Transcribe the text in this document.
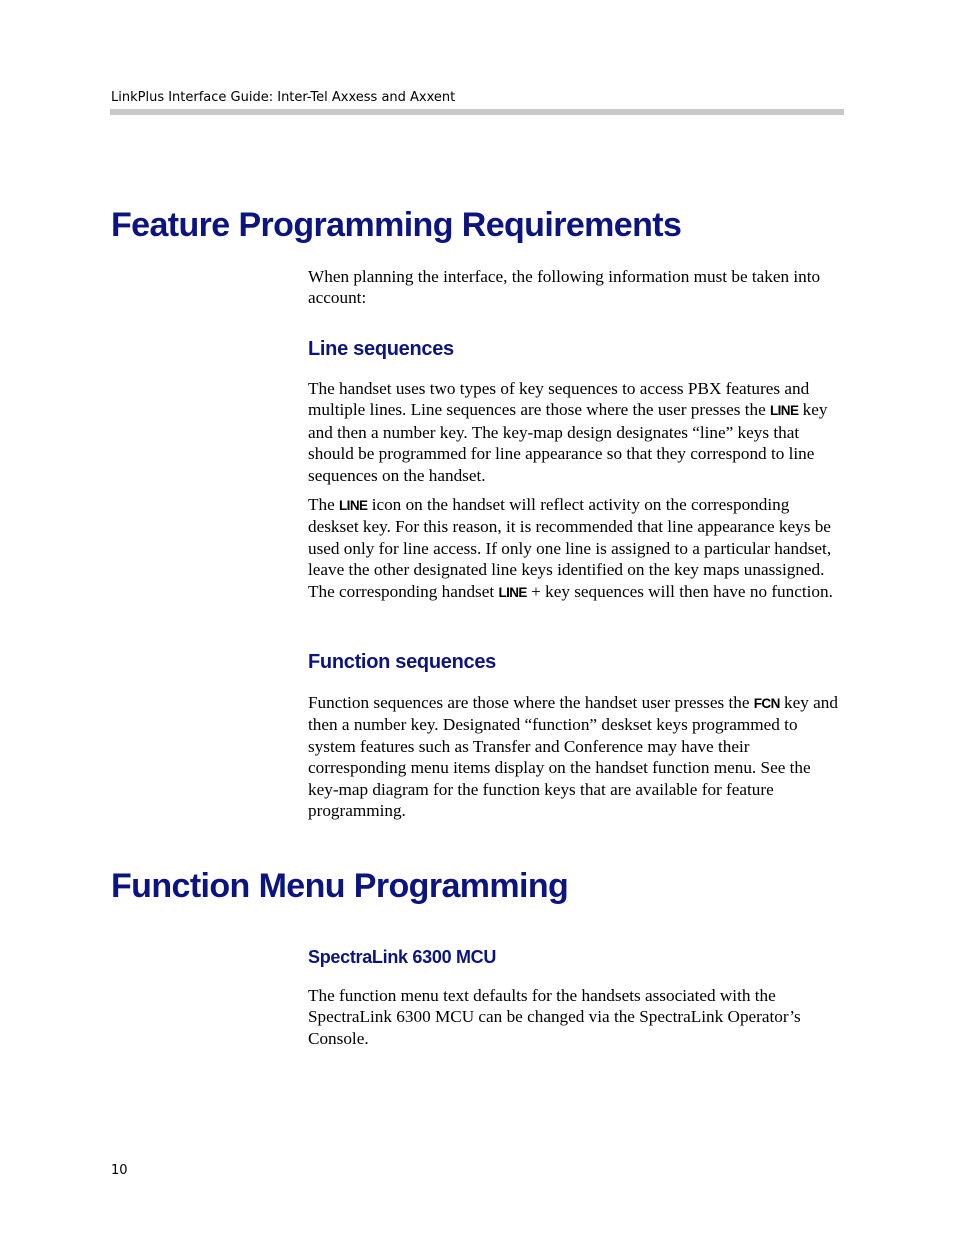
LinkPlus Interface Guide: Inter-Tel Axxess and Axxent
Feature Programming Requirements

When planning the interface, the following information must be taken into account:

Line sequences

The handset uses two types of key sequences to access PBX features and multiple lines. Line sequences are those where the user presses the LINE key and then a number key. The key-map design designates “line” keys that should be programmed for line appearance so that they correspond to line sequences on the handset.

The LINE icon on the handset will reflect activity on the corresponding deskset key. For this reason, it is recommended that line appearance keys be used only for line access. If only one line is assigned to a particular handset, leave the other designated line keys identified on the key maps unassigned. The corresponding handset LINE + key sequences will then have no function.

Function sequences

Function sequences are those where the handset user presses the FCN key and then a number key. Designated “function” deskset keys programmed to system features such as Transfer and Conference may have their corresponding menu items display on the handset function menu. See the key-map diagram for the function keys that are available for feature programming.

Function Menu Programming
SpectraLink 6300 MCU

The function menu text defaults for the handsets associated with the SpectraLink 6300 MCU can be changed via the SpectraLink Operator’s Console.

10
